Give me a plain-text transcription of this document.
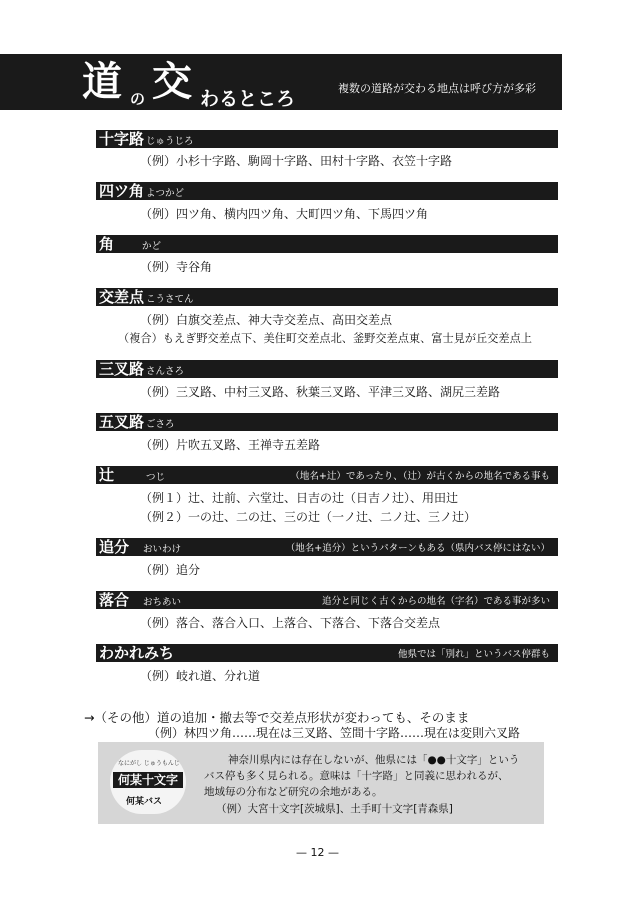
道 の 交 わるところ	複数の道路が交わる地点は呼び方が多彩
十字路 じゅうじろ
（例）小杉十字路、駒岡十字路、田村十字路、衣笠十字路
四ツ角 よつかど
（例）四ツ角、横内四ツ角、大町四ツ角、下馬四ツ角
角	かど
（例）寺谷角
交差点 こうさてん
（例）白旗交差点、神大寺交差点、高田交差点
（複合）もえぎ野交差点下、美住町交差点北、釜野交差点東、富士見が丘交差点上
三叉路 さんさろ
（例）三叉路、中村三叉路、秋葉三叉路、平津三叉路、湖尻三差路
五叉路 ごさろ
（例）片吹五叉路、王禅寺五差路
辻	つじ	（地名+辻）であったり、（辻）が古くからの地名である事も
（例１）辻、辻前、六堂辻、日吉の辻（日吉ノ辻）、用田辻
（例２）一の辻、二の辻、三の辻（一ノ辻、二ノ辻、三ノ辻）
追分 おいわけ	（地名+追分）というパターンもある（県内バス停にはない）
（例）追分
落合 おちあい	追分と同じく古くからの地名（字名）である事が多い
（例）落合、落合入口、上落合、下落合、下落合交差点
わかれみち	他県では「別れ」というバス停群も
（例）岐れ道、分れ道
→（その他）道の追加・撤去等で交差点形状が変わっても、そのまま
（例）林四ツ角……現在は三叉路、笠間十字路……現在は変則六叉路
なにがし じゅうもんじ
何某十文字
何某バス
神奈川県内には存在しないが、他県には「●●十文字」という
バス停も多く見られる。意味は「十字路」と同義に思われるが、
地域毎の分布など研究の余地がある。
（例）大宮十文字[茨城県]、土手町十文字[青森県]
— 12 —
